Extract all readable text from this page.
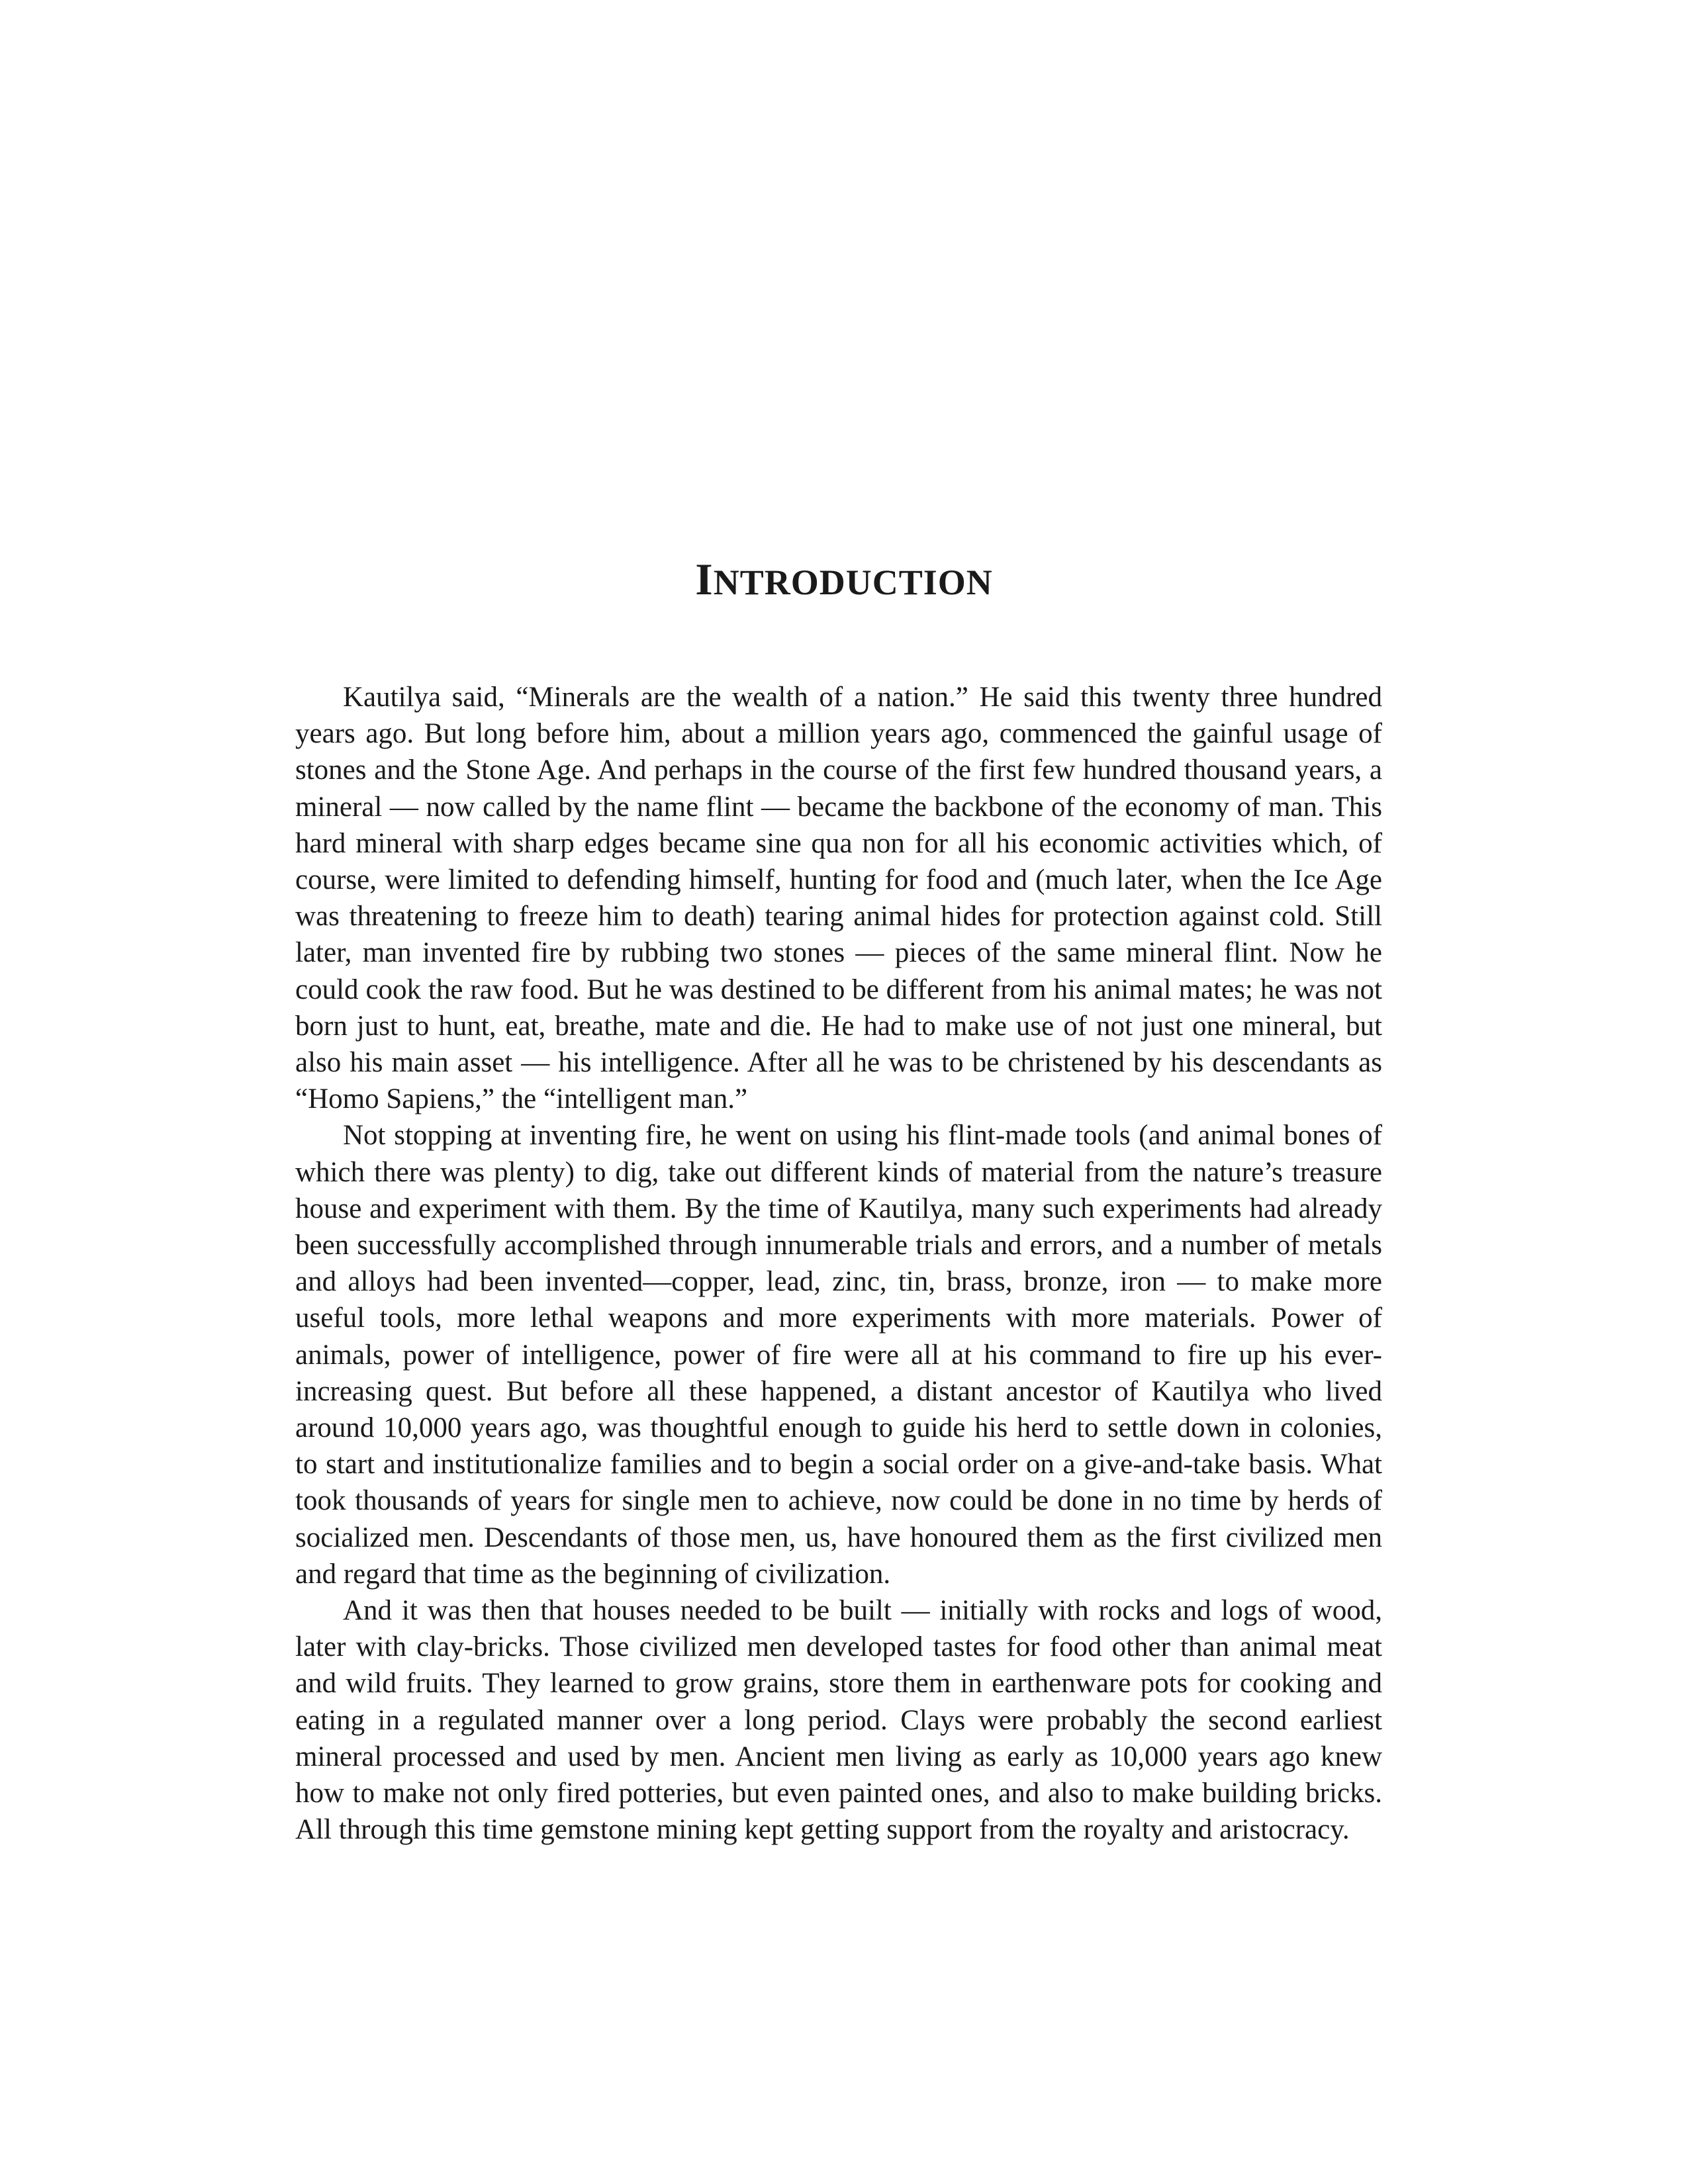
INTRODUCTION

Kautilya said, “Minerals are the wealth of a nation.” He said this twenty three hundred years ago. But long before him, about a million years ago, commenced the gainful usage of stones and the Stone Age. And perhaps in the course of the first few hundred thousand years, a mineral — now called by the name flint — became the backbone of the economy of man. This hard mineral with sharp edges became sine qua non for all his economic activities which, of course, were limited to defending himself, hunting for food and (much later, when the Ice Age was threatening to freeze him to death) tearing animal hides for protection against cold. Still later, man invented fire by rubbing two stones — pieces of the same mineral flint. Now he could cook the raw food. But he was destined to be different from his animal mates; he was not born just to hunt, eat, breathe, mate and die. He had to make use of not just one mineral, but also his main asset — his intelligence. After all he was to be christened by his descendants as “Homo Sapiens,” the “intelligent man.”

Not stopping at inventing fire, he went on using his flint-made tools (and animal bones of which there was plenty) to dig, take out different kinds of material from the nature’s treasure house and experiment with them. By the time of Kautilya, many such experiments had already been successfully accomplished through innumerable trials and errors, and a number of metals and alloys had been invented—copper, lead, zinc, tin, brass, bronze, iron — to make more useful tools, more lethal weapons and more experiments with more materials. Power of animals, power of intelligence, power of fire were all at his command to fire up his ever-increasing quest. But before all these happened, a distant ancestor of Kautilya who lived around 10,000 years ago, was thoughtful enough to guide his herd to settle down in colonies, to start and institutionalize families and to begin a social order on a give-and-take basis. What took thousands of years for single men to achieve, now could be done in no time by herds of socialized men. Descendants of those men, us, have honoured them as the first civilized men and regard that time as the beginning of civilization.

And it was then that houses needed to be built — initially with rocks and logs of wood, later with clay-bricks. Those civilized men developed tastes for food other than animal meat and wild fruits. They learned to grow grains, store them in earthenware pots for cooking and eating in a regulated manner over a long period. Clays were probably the second earliest mineral processed and used by men. Ancient men living as early as 10,000 years ago knew how to make not only fired potteries, but even painted ones, and also to make building bricks. All through this time gemstone mining kept getting support from the royalty and aristocracy.
